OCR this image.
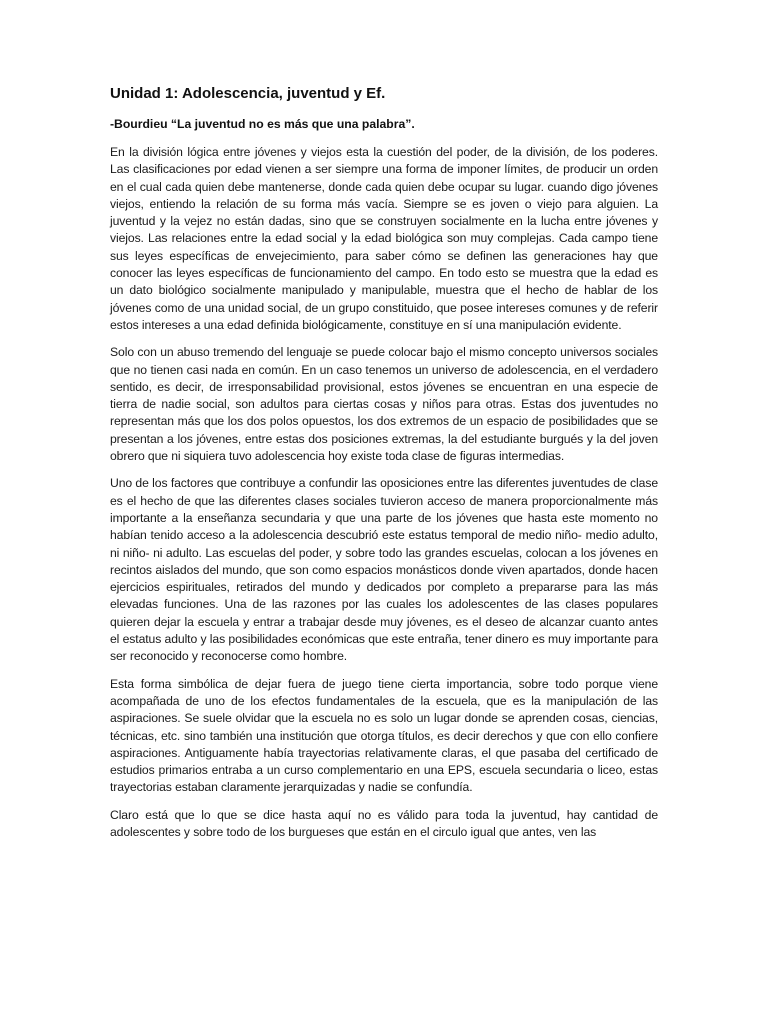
Unidad 1: Adolescencia, juventud y Ef.

-Bourdieu “La juventud no es más que una palabra”.

En la división lógica entre jóvenes y viejos esta la cuestión del poder, de la división, de los poderes. Las clasificaciones por edad vienen a ser siempre una forma de imponer límites, de producir un orden en el cual cada quien debe mantenerse, donde cada quien debe ocupar su lugar. cuando digo jóvenes viejos, entiendo la relación de su forma más vacía. Siempre se es joven o viejo para alguien. La juventud y la vejez no están dadas, sino que se construyen socialmente en la lucha entre jóvenes y viejos. Las relaciones entre la edad social y la edad biológica son muy complejas. Cada campo tiene sus leyes específicas de envejecimiento, para saber cómo se definen las generaciones hay que conocer las leyes específicas de funcionamiento del campo. En todo esto se muestra que la edad es un dato biológico socialmente manipulado y manipulable, muestra que el hecho de hablar de los jóvenes como de una unidad social, de un grupo constituido, que posee intereses comunes y de referir estos intereses a una edad definida biológicamente, constituye en sí una manipulación evidente.

Solo con un abuso tremendo del lenguaje se puede colocar bajo el mismo concepto universos sociales que no tienen casi nada en común. En un caso tenemos un universo de adolescencia, en el verdadero sentido, es decir, de irresponsabilidad provisional, estos jóvenes se encuentran en una especie de tierra de nadie social, son adultos para ciertas cosas y niños para otras. Estas dos juventudes no representan más que los dos polos opuestos, los dos extremos de un espacio de posibilidades que se presentan a los jóvenes, entre estas dos posiciones extremas, la del estudiante burgués y la del joven obrero que ni siquiera tuvo adolescencia hoy existe toda clase de figuras intermedias.

Uno de los factores que contribuye a confundir las oposiciones entre las diferentes juventudes de clase es el hecho de que las diferentes clases sociales tuvieron acceso de manera proporcionalmente más importante a la enseñanza secundaria y que una parte de los jóvenes que hasta este momento no habían tenido acceso a la adolescencia descubrió este estatus temporal de medio niño- medio adulto, ni niño- ni adulto. Las escuelas del poder, y sobre todo las grandes escuelas, colocan a los jóvenes en recintos aislados del mundo, que son como espacios monásticos donde viven apartados, donde hacen ejercicios espirituales, retirados del mundo y dedicados por completo a prepararse para las más elevadas funciones. Una de las razones por las cuales los adolescentes de las clases populares quieren dejar la escuela y entrar a trabajar desde muy jóvenes, es el deseo de alcanzar cuanto antes el estatus adulto y las posibilidades económicas que este entraña, tener dinero es muy importante para ser reconocido y reconocerse como hombre.

Esta forma simbólica de dejar fuera de juego tiene cierta importancia, sobre todo porque viene acompañada de uno de los efectos fundamentales de la escuela, que es la manipulación de las aspiraciones. Se suele olvidar que la escuela no es solo un lugar donde se aprenden cosas, ciencias, técnicas, etc. sino también una institución que otorga títulos, es decir derechos y que con ello confiere aspiraciones. Antiguamente había trayectorias relativamente claras, el que pasaba del certificado de estudios primarios entraba a un curso complementario en una EPS, escuela secundaria o liceo, estas trayectorias estaban claramente jerarquizadas y nadie se confundía.

Claro está que lo que se dice hasta aquí no es válido para toda la juventud, hay cantidad de adolescentes y sobre todo de los burgueses que están en el circulo igual que antes, ven las
